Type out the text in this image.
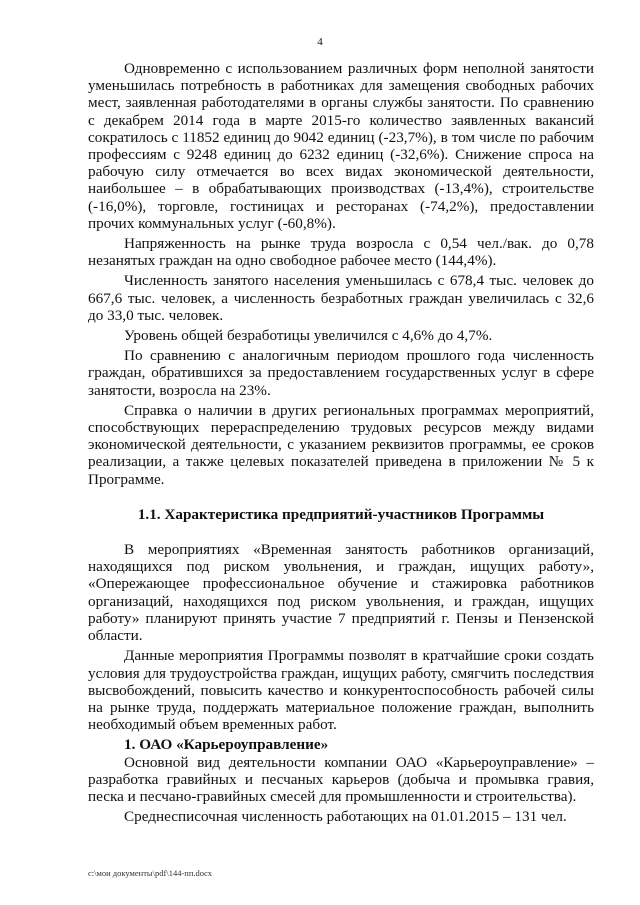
4

Одновременно с использованием различных форм неполной занятости уменьшилась потребность в работниках для замещения свободных рабочих мест, заявленная работодателями в органы службы занятости. По сравнению с декабрем 2014 года в марте 2015-го количество заявленных вакансий сократилось с 11852 единиц до 9042 единиц (-23,7%), в том числе по рабочим профессиям с 9248 единиц до 6232 единиц (-32,6%). Снижение спроса на рабочую силу отмечается во всех видах экономической деятельности, наибольшее – в обрабатывающих производствах (-13,4%), строительстве (-16,0%), торговле, гостиницах и ресторанах (-74,2%), предоставлении прочих коммунальных услуг (-60,8%).

Напряженность на рынке труда возросла с 0,54 чел./вак. до 0,78 незанятых граждан на одно свободное рабочее место (144,4%).

Численность занятого населения уменьшилась с 678,4 тыс. человек до 667,6 тыс. человек, а численность безработных граждан увеличилась с 32,6 до 33,0 тыс. человек.

Уровень общей безработицы увеличился с 4,6% до 4,7%.

По сравнению с аналогичным периодом прошлого года численность граждан, обратившихся за предоставлением государственных услуг в сфере занятости, возросла на 23%.

Справка о наличии в других региональных программах мероприятий, способствующих перераспределению трудовых ресурсов между видами экономической деятельности, с указанием реквизитов программы, ее сроков реализации, а также целевых показателей приведена в приложении № 5 к Программе.

1.1. Характеристика предприятий-участников Программы

В мероприятиях «Временная занятость работников организаций, находящихся под риском увольнения, и граждан, ищущих работу», «Опережающее профессиональное обучение и стажировка работников организаций, находящихся под риском увольнения, и граждан, ищущих работу» планируют принять участие 7 предприятий г. Пензы и Пензенской области.

Данные мероприятия Программы позволят в кратчайшие сроки создать условия для трудоустройства граждан, ищущих работу, смягчить последствия высвобождений, повысить качество и конкурентоспособность рабочей силы на рынке труда, поддержать материальное положение граждан, выполнить необходимый объем временных работ.

1. ОАО «Карьероуправление»

Основной вид деятельности компании ОАО «Карьероуправление» – разработка гравийных и песчаных карьеров (добыча и промывка гравия, песка и песчано-гравийных смесей для промышленности и строительства).

Среднесписочная численность работающих на 01.01.2015 – 131 чел.

c:\мои документы\pdf\144-пп.docx
